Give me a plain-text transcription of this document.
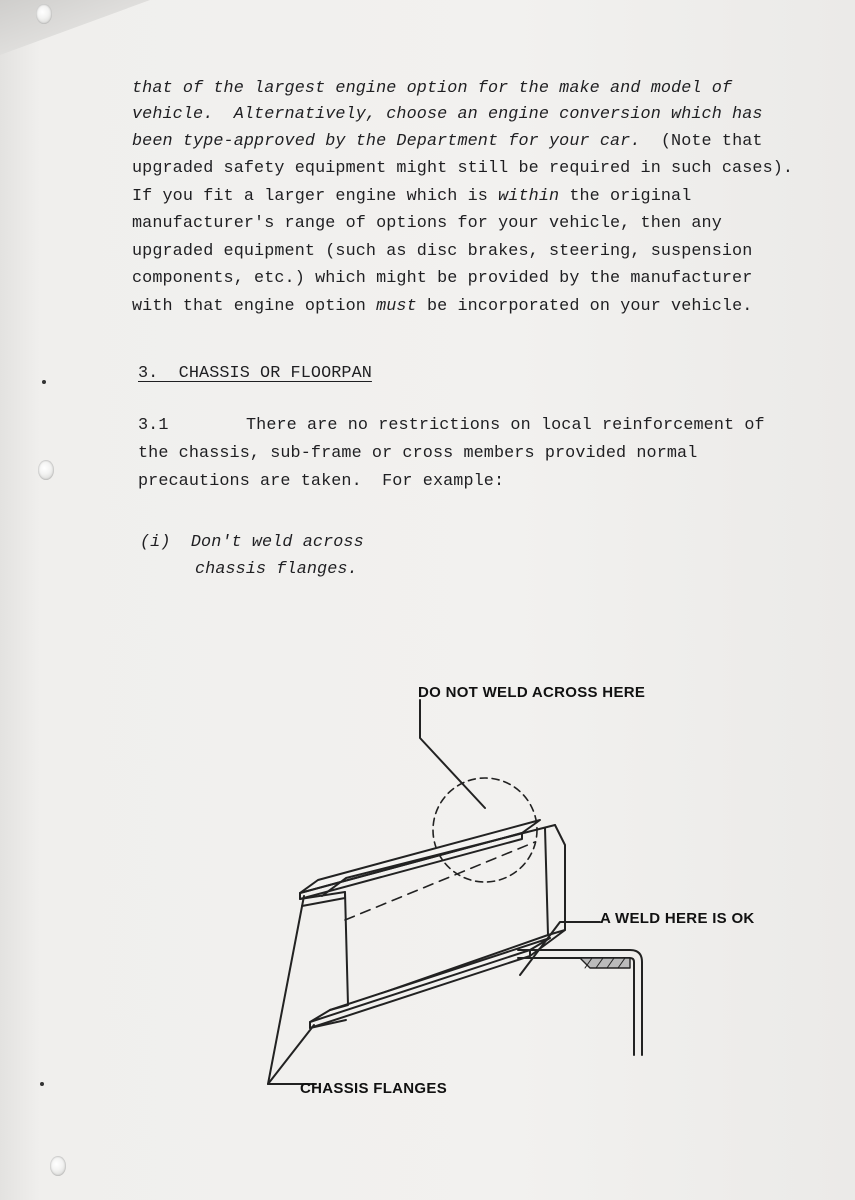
that of the largest engine option for the make and model of
vehicle.  Alternatively, choose an engine conversion which has
been type-approved by the Department for your car.  (Note that
upgraded safety equipment might still be required in such cases).
If you fit a larger engine which is within the original
manufacturer's range of options for your vehicle, then any
upgraded equipment (such as disc brakes, steering, suspension
components, etc.) which might be provided by the manufacturer
with that engine option must be incorporated on your vehicle.
3.  CHASSIS OR FLOORPAN
3.1	There are no restrictions on local reinforcement of
the chassis, sub-frame or cross members provided normal
precautions are taken.  For example:
(i)  Don't weld across
chassis flanges.
DO NOT WELD ACROSS HERE
A WELD HERE IS OK
CHASSIS FLANGES
